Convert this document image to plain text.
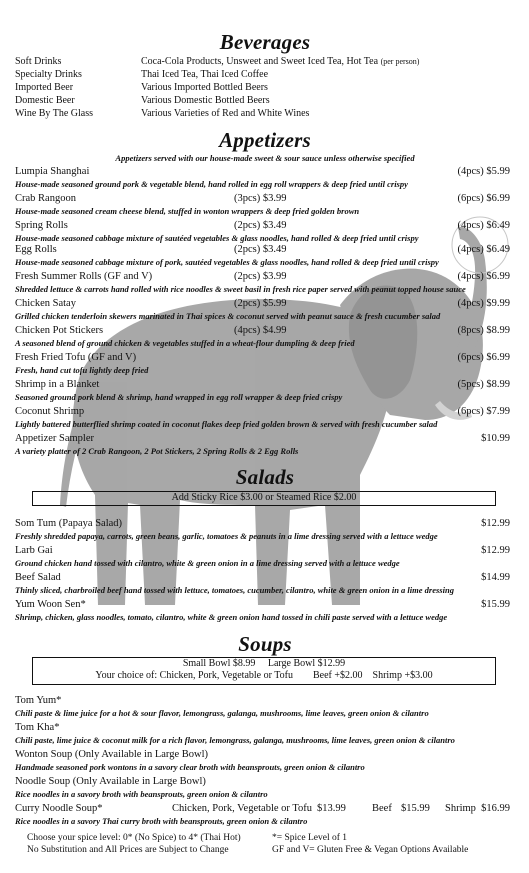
Beverages
Soft Drinks	Coca-Cola Products, Unsweet and Sweet Iced Tea, Hot Tea (per person)
Specialty Drinks	Thai Iced Tea, Thai Iced Coffee
Imported Beer	Various Imported Bottled Beers
Domestic Beer	Various Domestic Bottled Beers
Wine By The Glass	Various Varieties of Red and White Wines
Appetizers
Appetizers served with our house-made sweet & sour sauce unless otherwise specified
Lumpia Shanghai	(4pcs) $5.99
House-made seasoned ground pork & vegetable blend, hand rolled in egg roll wrappers & deep fried until crispy
Crab Rangoon	(3pcs) $3.99	(6pcs) $6.99
House-made seasoned cream cheese blend, stuffed in wonton wrappers & deep fried golden brown
Spring Rolls	(2pcs) $3.49	(4pcs) $6.49
House-made seasoned cabbage mixture of sautéed vegetables & glass noodles, hand rolled & deep fried until crispy
Egg Rolls	(2pcs) $3.49	(4pcs) $6.49
House-made seasoned cabbage mixture of pork, sautéed vegetables & glass noodles, hand rolled & deep fried until crispy
Fresh Summer Rolls (GF and V)	(2pcs) $3.99	(4pcs) $6.99
Shredded lettuce & carrots hand rolled with rice noodles & sweet basil in fresh rice paper served with peanut topped house sauce
Chicken Satay	(2pcs) $5.99	(4pcs) $9.99
Grilled chicken tenderloin skewers marinated in Thai spices & coconut served with peanut sauce & fresh cucumber salad
Chicken Pot Stickers	(4pcs) $4.99	(8pcs) $8.99
A seasoned blend of ground chicken & vegetables stuffed in a wheat-flour dumpling & deep fried
Fresh Fried Tofu (GF and V)	(6pcs) $6.99
Fresh, hand cut tofu lightly deep fried
Shrimp in a Blanket	(5pcs) $8.99
Seasoned ground pork blend & shrimp, hand wrapped in egg roll wrapper & deep fried crispy
Coconut Shrimp	(6pcs) $7.99
Lightly battered butterflied shrimp coated in coconut flakes deep fried golden brown & served with fresh cucumber salad
Appetizer Sampler	$10.99
A variety platter of 2 Crab Rangoon, 2 Pot Stickers, 2 Spring Rolls & 2 Egg Rolls
Salads
Add Sticky Rice $3.00 or Steamed Rice $2.00
Som Tum (Papaya Salad)	$12.99
Freshly shredded papaya, carrots, green beans, garlic, tomatoes & peanuts in a lime dressing served with a lettuce wedge
Larb Gai	$12.99
Ground chicken hand tossed with cilantro, white & green onion in a lime dressing served with a lettuce wedge
Beef Salad	$14.99
Thinly sliced, charbroiled beef hand tossed with lettuce, tomatoes, cucumber, cilantro, white & green onion in a lime dressing
Yum Woon Sen*	$15.99
Shrimp, chicken, glass noodles, tomato, cilantro, white & green onion hand tossed in chili paste served with a lettuce wedge
Soups
Small Bowl $8.99     Large Bowl $12.99
Your choice of: Chicken, Pork, Vegetable or Tofu        Beef +$2.00    Shrimp +$3.00
Tom Yum*
Chili paste & lime juice for a hot & sour flavor, lemongrass, galanga, mushrooms, lime leaves, green onion & cilantro
Tom Kha*
Chili paste, lime juice & coconut milk for a rich flavor, lemongrass, galanga, mushrooms, lime leaves, green onion & cilantro
Wonton Soup (Only Available in Large Bowl)
Handmade seasoned pork wontons in a savory clear broth with beansprouts, green onion & cilantro
Noodle Soup (Only Available in Large Bowl)
Rice noodles in a savory broth with beansprouts, green onion & cilantro
Curry Noodle Soup*	Chicken, Pork, Vegetable or Tofu $13.99 Beef $15.99 Shrimp $16.99
Rice noodles in a savory Thai curry broth with beansprouts, green onion & cilantro
Choose your spice level: 0* (No Spice) to 4* (Thai Hot)
No Substitution and All Prices are Subject to Change
*= Spice Level of 1
GF and V= Gluten Free & Vegan Options Available
